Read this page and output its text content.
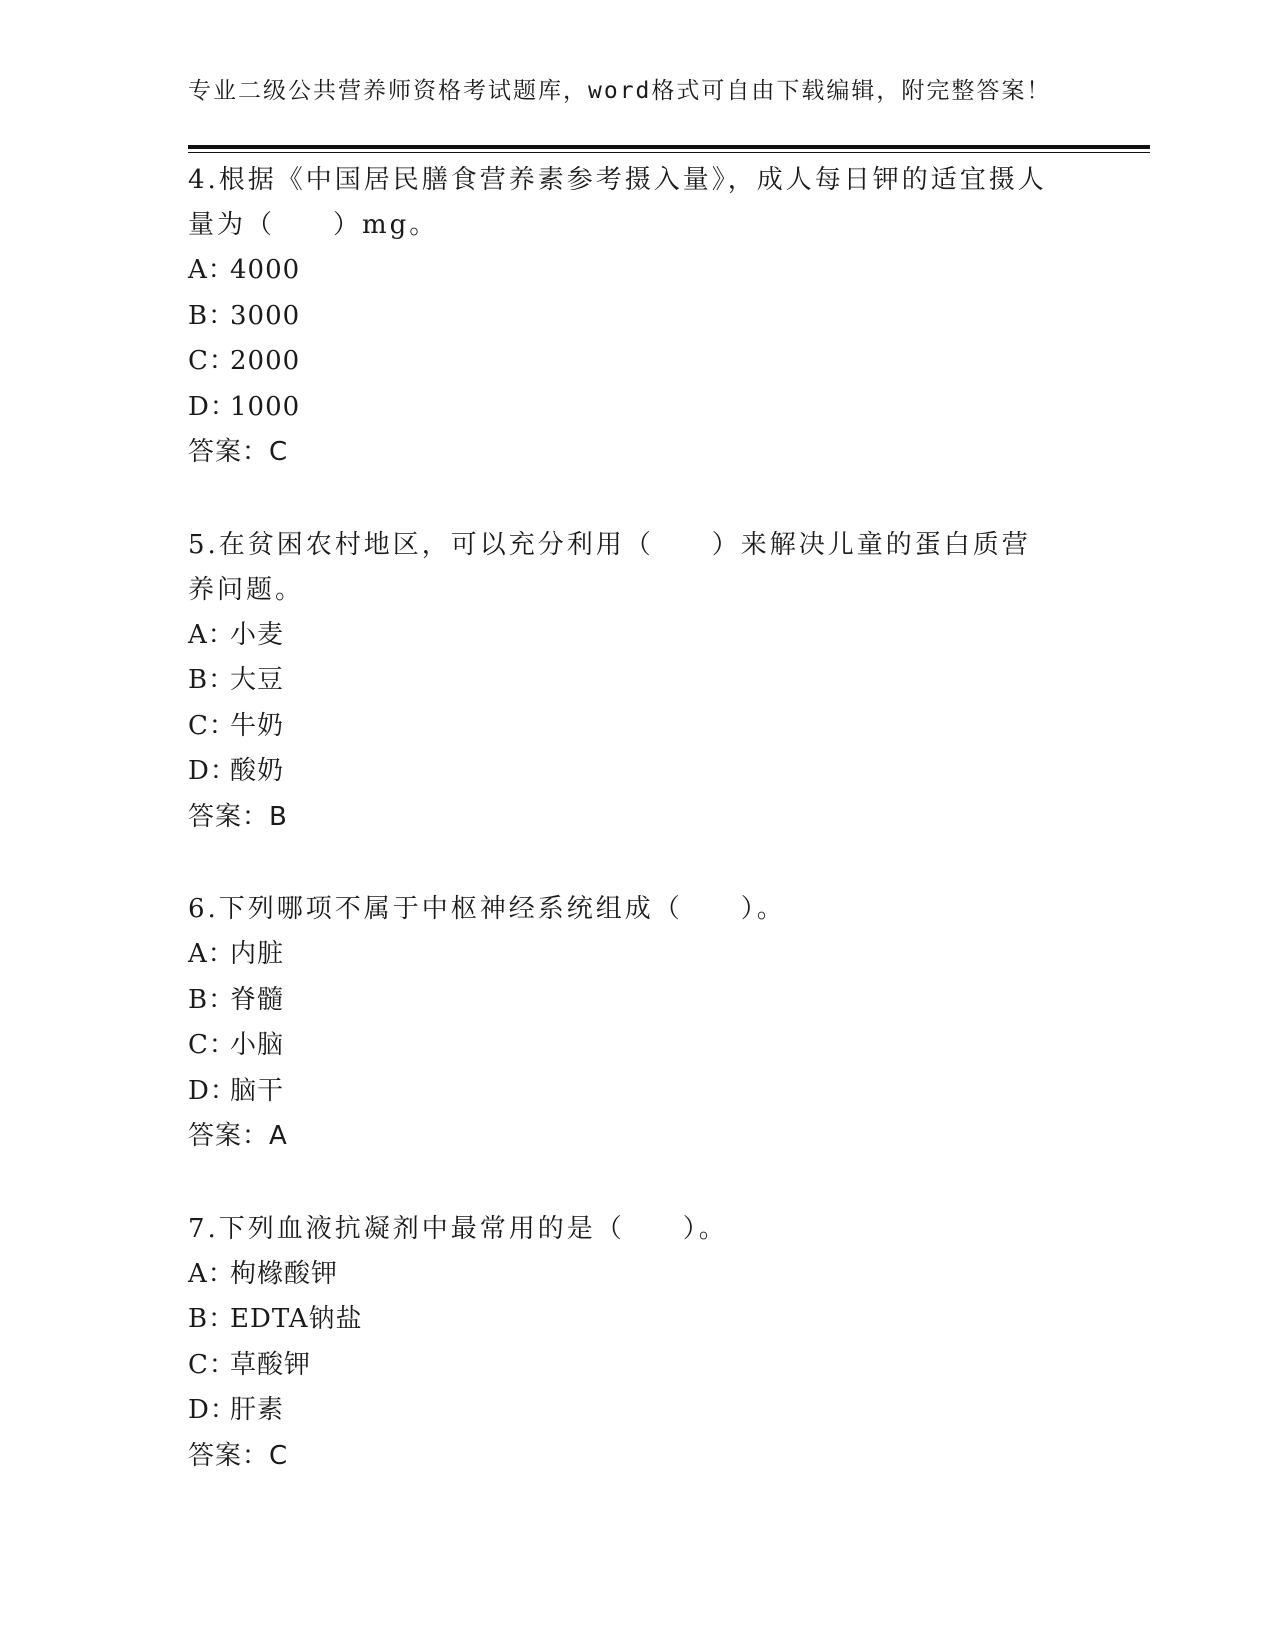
专业二级公共营养师资格考试题库，word格式可自由下载编辑，附完整答案！

4.根据《中国居民膳食营养素参考摄入量》，成人每日钾的适宜摄人量为（　　）mg。

A：4000
B：3000
C：2000
D：1000
答案：C

5.在贫困农村地区，可以充分利用（　　）来解决儿童的蛋白质营养问题。

A：小麦
B：大豆
C：牛奶
D：酸奶
答案：B

6.下列哪项不属于中枢神经系统组成（　　）。

A：内脏
B：脊髓
C：小脑
D：脑干
答案：A

7.下列血液抗凝剂中最常用的是（　　）。

A：枸橼酸钾
B：EDTA钠盐
C：草酸钾
D：肝素
答案：C
